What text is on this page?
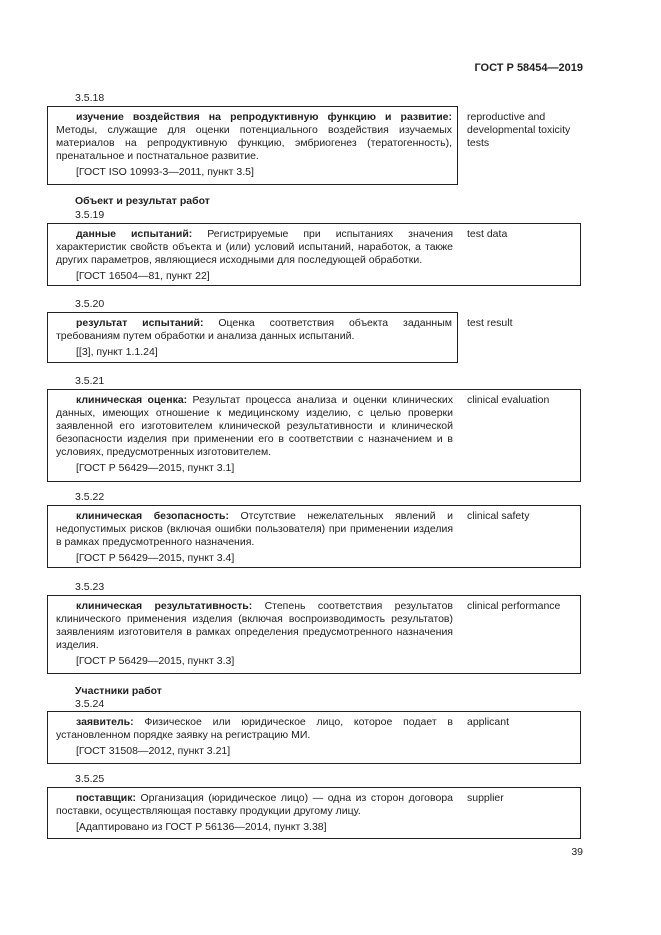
ГОСТ Р 58454—2019
3.5.18

изучение воздействия на репродуктивную функцию и развитие: Методы, служащие для оценки потенциального воздействия изучаемых материалов на репродуктивную функцию, эмбриогенез (тератогенность), пренатальное и постнатальное развитие.

[ГОСТ ISO 10993-3—2011, пункт 3.5]
reproductive and developmental toxicity tests
Объект и результат работ
3.5.19

данные испытаний: Регистрируемые при испытаниях значения характеристик свойств объекта и (или) условий испытаний, наработок, а также других параметров, являющиеся исходными для последующей обработки.

[ГОСТ 16504—81, пункт 22]
test data
3.5.20

результат испытаний: Оценка соответствия объекта заданным требованиям путем обработки и анализа данных испытаний.

[[3], пункт 1.1.24]
test result
3.5.21

клиническая оценка: Результат процесса анализа и оценки клинических данных, имеющих отношение к медицинскому изделию, с целью проверки заявленной его изготовителем клинической результативности и клинической безопасности изделия при применении его в соответствии с назначением и в условиях, предусмотренных изготовителем.

[ГОСТ Р 56429—2015, пункт 3.1]
clinical evaluation
3.5.22

клиническая безопасность: Отсутствие нежелательных явлений и недопустимых рисков (включая ошибки пользователя) при применении изделия в рамках предусмотренного назначения.

[ГОСТ Р 56429—2015, пункт 3.4]
clinical safety
3.5.23

клиническая результативность: Степень соответствия результатов клинического применения изделия (включая воспроизводимость результатов) заявлениям изготовителя в рамках определения предусмотренного назначения изделия.

[ГОСТ Р 56429—2015, пункт 3.3]
clinical performance
Участники работ
3.5.24

заявитель: Физическое или юридическое лицо, которое подает в установленном порядке заявку на регистрацию МИ.

[ГОСТ 31508—2012, пункт 3.21]
applicant
3.5.25

поставщик: Организация (юридическое лицо) — одна из сторон договора поставки, осуществляющая поставку продукции другому лицу.

[Адаптировано из ГОСТ Р 56136—2014, пункт 3.38]
supplier
39
